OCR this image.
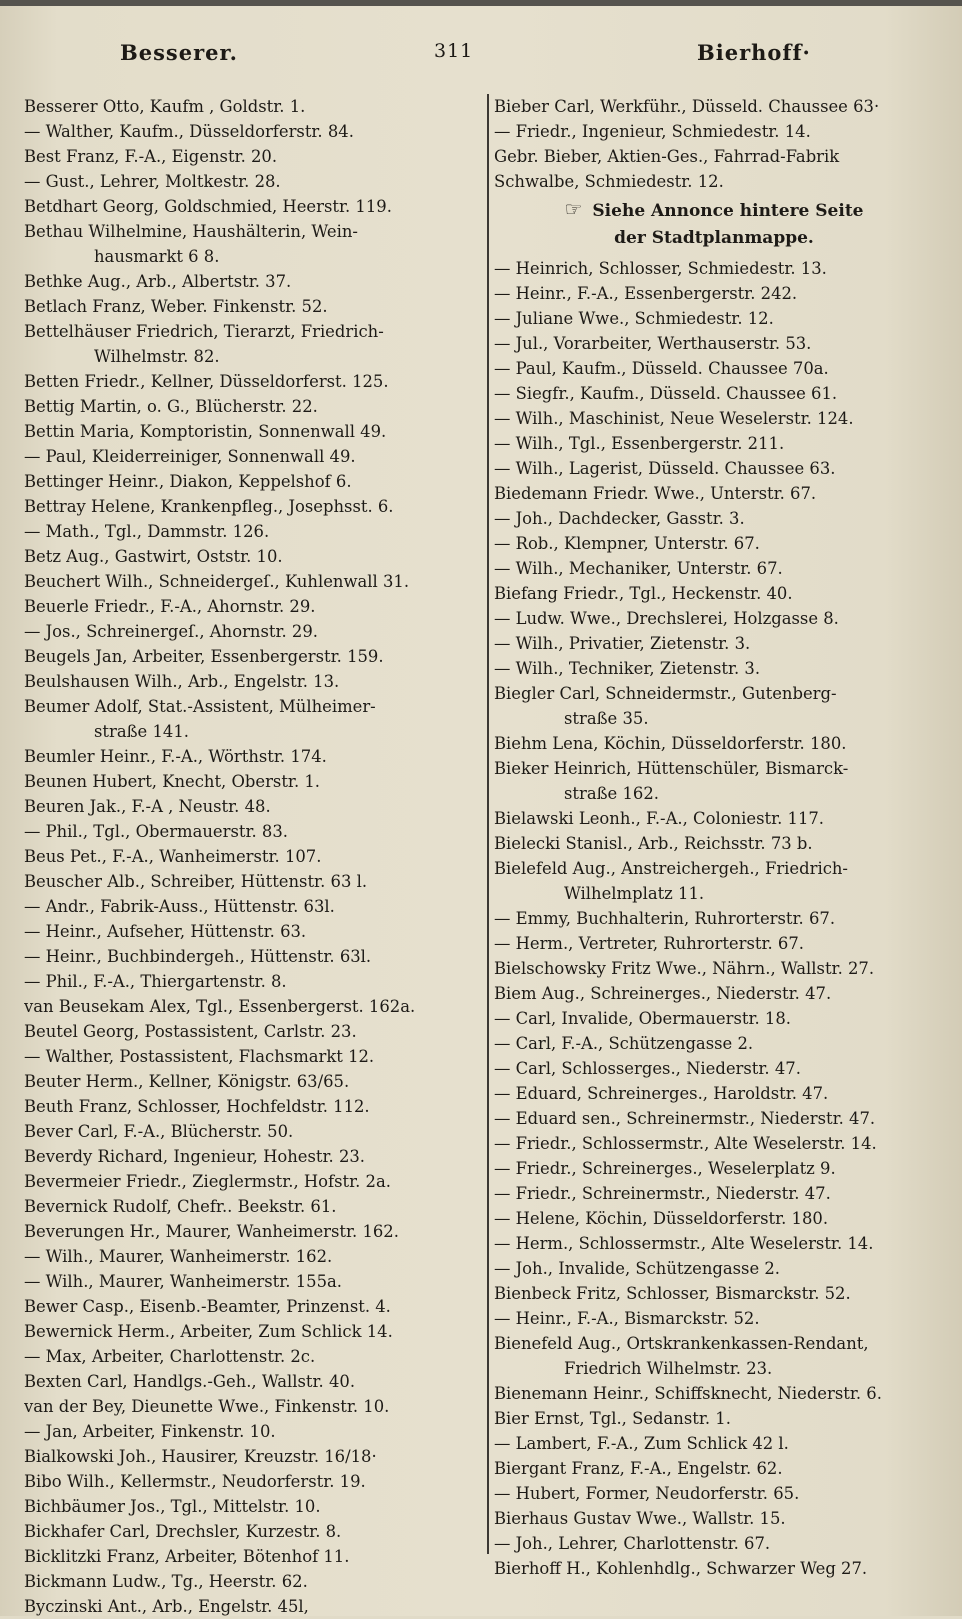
Besserer.	311	Bierhoff·
Besserer Otto, Kaufm , Goldstr. 1.
— Walther, Kaufm., Düsseldorferstr. 84.
Best Franz, F.-A., Eigenstr. 20.
— Gust., Lehrer, Moltkestr. 28.
Betdhart Georg, Goldschmied, Heerstr. 119.
Bethau Wilhelmine, Haushälterin, Wein-
hausmarkt 6 8.
Bethke Aug., Arb., Albertstr. 37.
Betlach Franz, Weber. Finkenstr. 52.
Bettelhäuser Friedrich, Tierarzt, Friedrich-
Wilhelmstr. 82.
Betten Friedr., Kellner, Düsseldorferst. 125.
Bettig Martin, o. G., Blücherstr. 22.
Bettin Maria, Komptoristin, Sonnenwall 49.
— Paul, Kleiderreiniger, Sonnenwall 49.
Bettinger Heinr., Diakon, Keppelshof 6.
Bettray Helene, Krankenpfleg., Josephsst. 6.
— Math., Tgl., Dammstr. 126.
Betz Aug., Gastwirt, Oststr. 10.
Beuchert Wilh., Schneidergeſ., Kuhlenwall 31.
Beuerle Friedr., F.-A., Ahornstr. 29.
— Jos., Schreinergeſ., Ahornstr. 29.
Beugels Jan, Arbeiter, Essenbergerstr. 159.
Beulshausen Wilh., Arb., Engelstr. 13.
Beumer Adolf, Stat.-Assistent, Mülheimer-
straße 141.
Beumler Heinr., F.-A., Wörthstr. 174.
Beunen Hubert, Knecht, Oberstr. 1.
Beuren Jak., F.-A , Neustr. 48.
— Phil., Tgl., Obermauerstr. 83.
Beus Pet., F.-A., Wanheimerstr. 107.
Beuscher Alb., Schreiber, Hüttenstr. 63 l.
— Andr., Fabrik-Auss., Hüttenstr. 63l.
— Heinr., Aufseher, Hüttenstr. 63.
— Heinr., Buchbindergeh., Hüttenstr. 63l.
— Phil., F.-A., Thiergartenstr. 8.
van Beusekam Alex, Tgl., Essenbergerst. 162a.
Beutel Georg, Postassistent, Carlstr. 23.
— Walther, Postassistent, Flachsmarkt 12.
Beuter Herm., Kellner, Königstr. 63/65.
Beuth Franz, Schlosser, Hochfeldstr. 112.
Bever Carl, F.-A., Blücherstr. 50.
Beverdy Richard, Ingenieur, Hohestr. 23.
Bevermeier Friedr., Zieglermstr., Hofstr. 2a.
Bevernick Rudolf, Chefr.. Beekstr. 61.
Beverungen Hr., Maurer, Wanheimerstr. 162.
— Wilh., Maurer, Wanheimerstr. 162.
— Wilh., Maurer, Wanheimerstr. 155a.
Bewer Casp., Eisenb.-Beamter, Prinzenst. 4.
Bewernick Herm., Arbeiter, Zum Schlick 14.
— Max, Arbeiter, Charlottenstr. 2c.
Bexten Carl, Handlgs.-Geh., Wallstr. 40.
van der Bey, Dieunette Wwe., Finkenstr. 10.
— Jan, Arbeiter, Finkenstr. 10.
Bialkowski Joh., Hausirer, Kreuzstr. 16/18·
Bibo Wilh., Kellermstr., Neudorferstr. 19.
Bichbäumer Jos., Tgl., Mittelstr. 10.
Bickhafer Carl, Drechsler, Kurzestr. 8.
Bicklitzki Franz, Arbeiter, Bötenhof 11.
Bickmann Ludw., Tg., Heerstr. 62.
Byczinski Ant., Arb., Engelstr. 45l,
Bieber Carl, Werkführ., Düsseld. Chaussee 63·
— Friedr., Ingenieur, Schmiedestr. 14.
Gebr. Bieber, Aktien-Ges., Fahrrad-Fabrik
Schwalbe, Schmiedestr. 12.
☞ Siehe Annonce hintere Seite
der Stadtplanmappe.
— Heinrich, Schlosser, Schmiedestr. 13.
— Heinr., F.-A., Essenbergerstr. 242.
— Juliane Wwe., Schmiedestr. 12.
— Jul., Vorarbeiter, Werthauserstr. 53.
— Paul, Kaufm., Düsseld. Chaussee 70a.
— Siegfr., Kaufm., Düsseld. Chaussee 61.
— Wilh., Maschinist, Neue Weselerstr. 124.
— Wilh., Tgl., Essenbergerstr. 211.
— Wilh., Lagerist, Düsseld. Chaussee 63.
Biedemann Friedr. Wwe., Unterstr. 67.
— Joh., Dachdecker, Gasstr. 3.
— Rob., Klempner, Unterstr. 67.
— Wilh., Mechaniker, Unterstr. 67.
Biefang Friedr., Tgl., Heckenstr. 40.
— Ludw. Wwe., Drechslerei, Holzgasse 8.
— Wilh., Privatier, Zietenstr. 3.
— Wilh., Techniker, Zietenstr. 3.
Biegler Carl, Schneidermstr., Gutenberg-
straße 35.
Biehm Lena, Köchin, Düsseldorferstr. 180.
Bieker Heinrich, Hüttenschüler, Bismarck-
straße 162.
Bielawski Leonh., F.-A., Coloniestr. 117.
Bielecki Stanisl., Arb., Reichsstr. 73 b.
Bielefeld Aug., Anstreichergeh., Friedrich-
Wilhelmplatz 11.
— Emmy, Buchhalterin, Ruhrorterstr. 67.
— Herm., Vertreter, Ruhrorterstr. 67.
Bielschowsky Fritz Wwe., Nährn., Wallstr. 27.
Biem Aug., Schreinerges., Niederstr. 47.
— Carl, Invalide, Obermauerstr. 18.
— Carl, F.-A., Schützengasse 2.
— Carl, Schlosserges., Niederstr. 47.
— Eduard, Schreinerges., Haroldstr. 47.
— Eduard sen., Schreinermstr., Niederstr. 47.
— Friedr., Schlossermstr., Alte Weselerstr. 14.
— Friedr., Schreinerges., Weselerplatz 9.
— Friedr., Schreinermstr., Niederstr. 47.
— Helene, Köchin, Düsseldorferstr. 180.
— Herm., Schlossermstr., Alte Weselerstr. 14.
— Joh., Invalide, Schützengasse 2.
Bienbeck Fritz, Schlosser, Bismarckstr. 52.
— Heinr., F.-A., Bismarckstr. 52.
Bienefeld Aug., Ortskrankenkassen-Rendant,
Friedrich Wilhelmstr. 23.
Bienemann Heinr., Schiffsknecht, Niederstr. 6.
Bier Ernst, Tgl., Sedanstr. 1.
— Lambert, F.-A., Zum Schlick 42 l.
Biergant Franz, F.-A., Engelstr. 62.
— Hubert, Former, Neudorferstr. 65.
Bierhaus Gustav Wwe., Wallstr. 15.
— Joh., Lehrer, Charlottenstr. 67.
Bierhoff H., Kohlenhdlg., Schwarzer Weg 27.
